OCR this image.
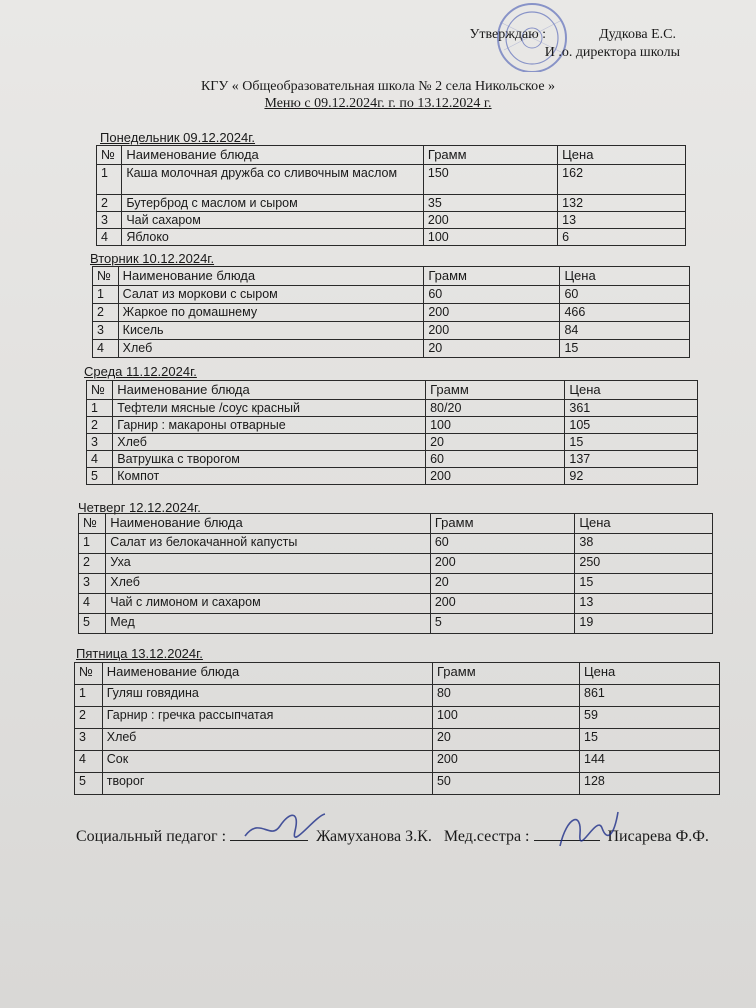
Утверждаю :	Дудкова Е.С.
И .о. директора школы
КГУ « Общеобразовательная школа № 2 села Никольское »
Меню с 09.12.2024г. г. по 13.12.2024 г.
Понедельник 09.12.2024г.
№	Наименование блюда	Грамм	Цена
1	Каша молочная дружба со сливочным маслом	150	162
2	Бутерброд с маслом и сыром	35	132
3	Чай сахаром	200	13
4	Яблоко	100	6
Вторник 10.12.2024г.
№	Наименование блюда	Грамм	Цена
1	Салат из моркови с сыром	60	60
2	Жаркое по домашнему	200	466
3	Кисель	200	84
4	Хлеб	20	15
Среда 11.12.2024г.
№	Наименование блюда	Грамм	Цена
1	Тефтели мясные /соус красный	80/20	361
2	Гарнир : макароны отварные	100	105
3	Хлеб	20	15
4	Ватрушка с творогом	60	137
5	Компот	200	92
Четверг 12.12.2024г.
№	Наименование блюда	Грамм	Цена
1	Салат из белокачанной капусты	60	38
2	Уха	200	250
3	Хлеб	20	15
4	Чай с лимоном и сахаром	200	13
5	Мед	5	19
Пятница 13.12.2024г.
№	Наименование блюда	Грамм	Цена
1	Гуляш говядина	80	861
2	Гарнир : гречка рассыпчатая	100	59
3	Хлеб	20	15
4	Сок	200	144
5	творог	50	128
Социальный педагог :	Жамуханова З.К. Мед.сестра :	Писарева Ф.Ф.
